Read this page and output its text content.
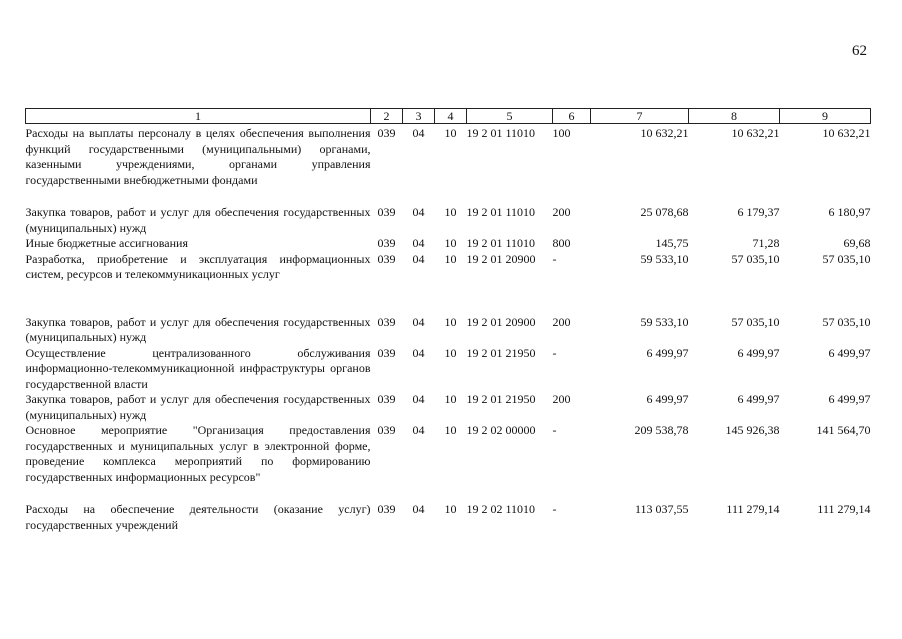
62
1	2	3	4	5	6	7	8	9
Расходы на выплаты персоналу в целях обеспечения выполнения функций государственными (муниципальными) органами, казенными учреждениями, органами управления государственными внебюджетными фондами	039	04	10	19 2 01 11010	100	10 632,21	10 632,21	10 632,21
Закупка товаров, работ и услуг для обеспечения государственных (муниципальных) нужд	039	04	10	19 2 01 11010	200	25 078,68	6 179,37	6 180,97
Иные бюджетные ассигнования	039	04	10	19 2 01 11010	800	145,75	71,28	69,68
Разработка, приобретение и эксплуатация информационных систем, ресурсов и телекоммуникационных услуг	039	04	10	19 2 01 20900	-	59 533,10	57 035,10	57 035,10
Закупка товаров, работ и услуг для обеспечения государственных (муниципальных) нужд	039	04	10	19 2 01 20900	200	59 533,10	57 035,10	57 035,10
Осуществление централизованного обслуживания информационно-телекоммуникационной инфраструктуры органов государственной власти	039	04	10	19 2 01 21950	-	6 499,97	6 499,97	6 499,97
Закупка товаров, работ и услуг для обеспечения государственных (муниципальных) нужд	039	04	10	19 2 01 21950	200	6 499,97	6 499,97	6 499,97
Основное мероприятие "Организация предоставления государственных и муниципальных услуг в электронной форме, проведение комплекса мероприятий по формированию государственных информационных ресурсов"	039	04	10	19 2 02 00000	-	209 538,78	145 926,38	141 564,70
Расходы на обеспечение деятельности (оказание услуг) государственных учреждений	039	04	10	19 2 02 11010	-	113 037,55	111 279,14	111 279,14
